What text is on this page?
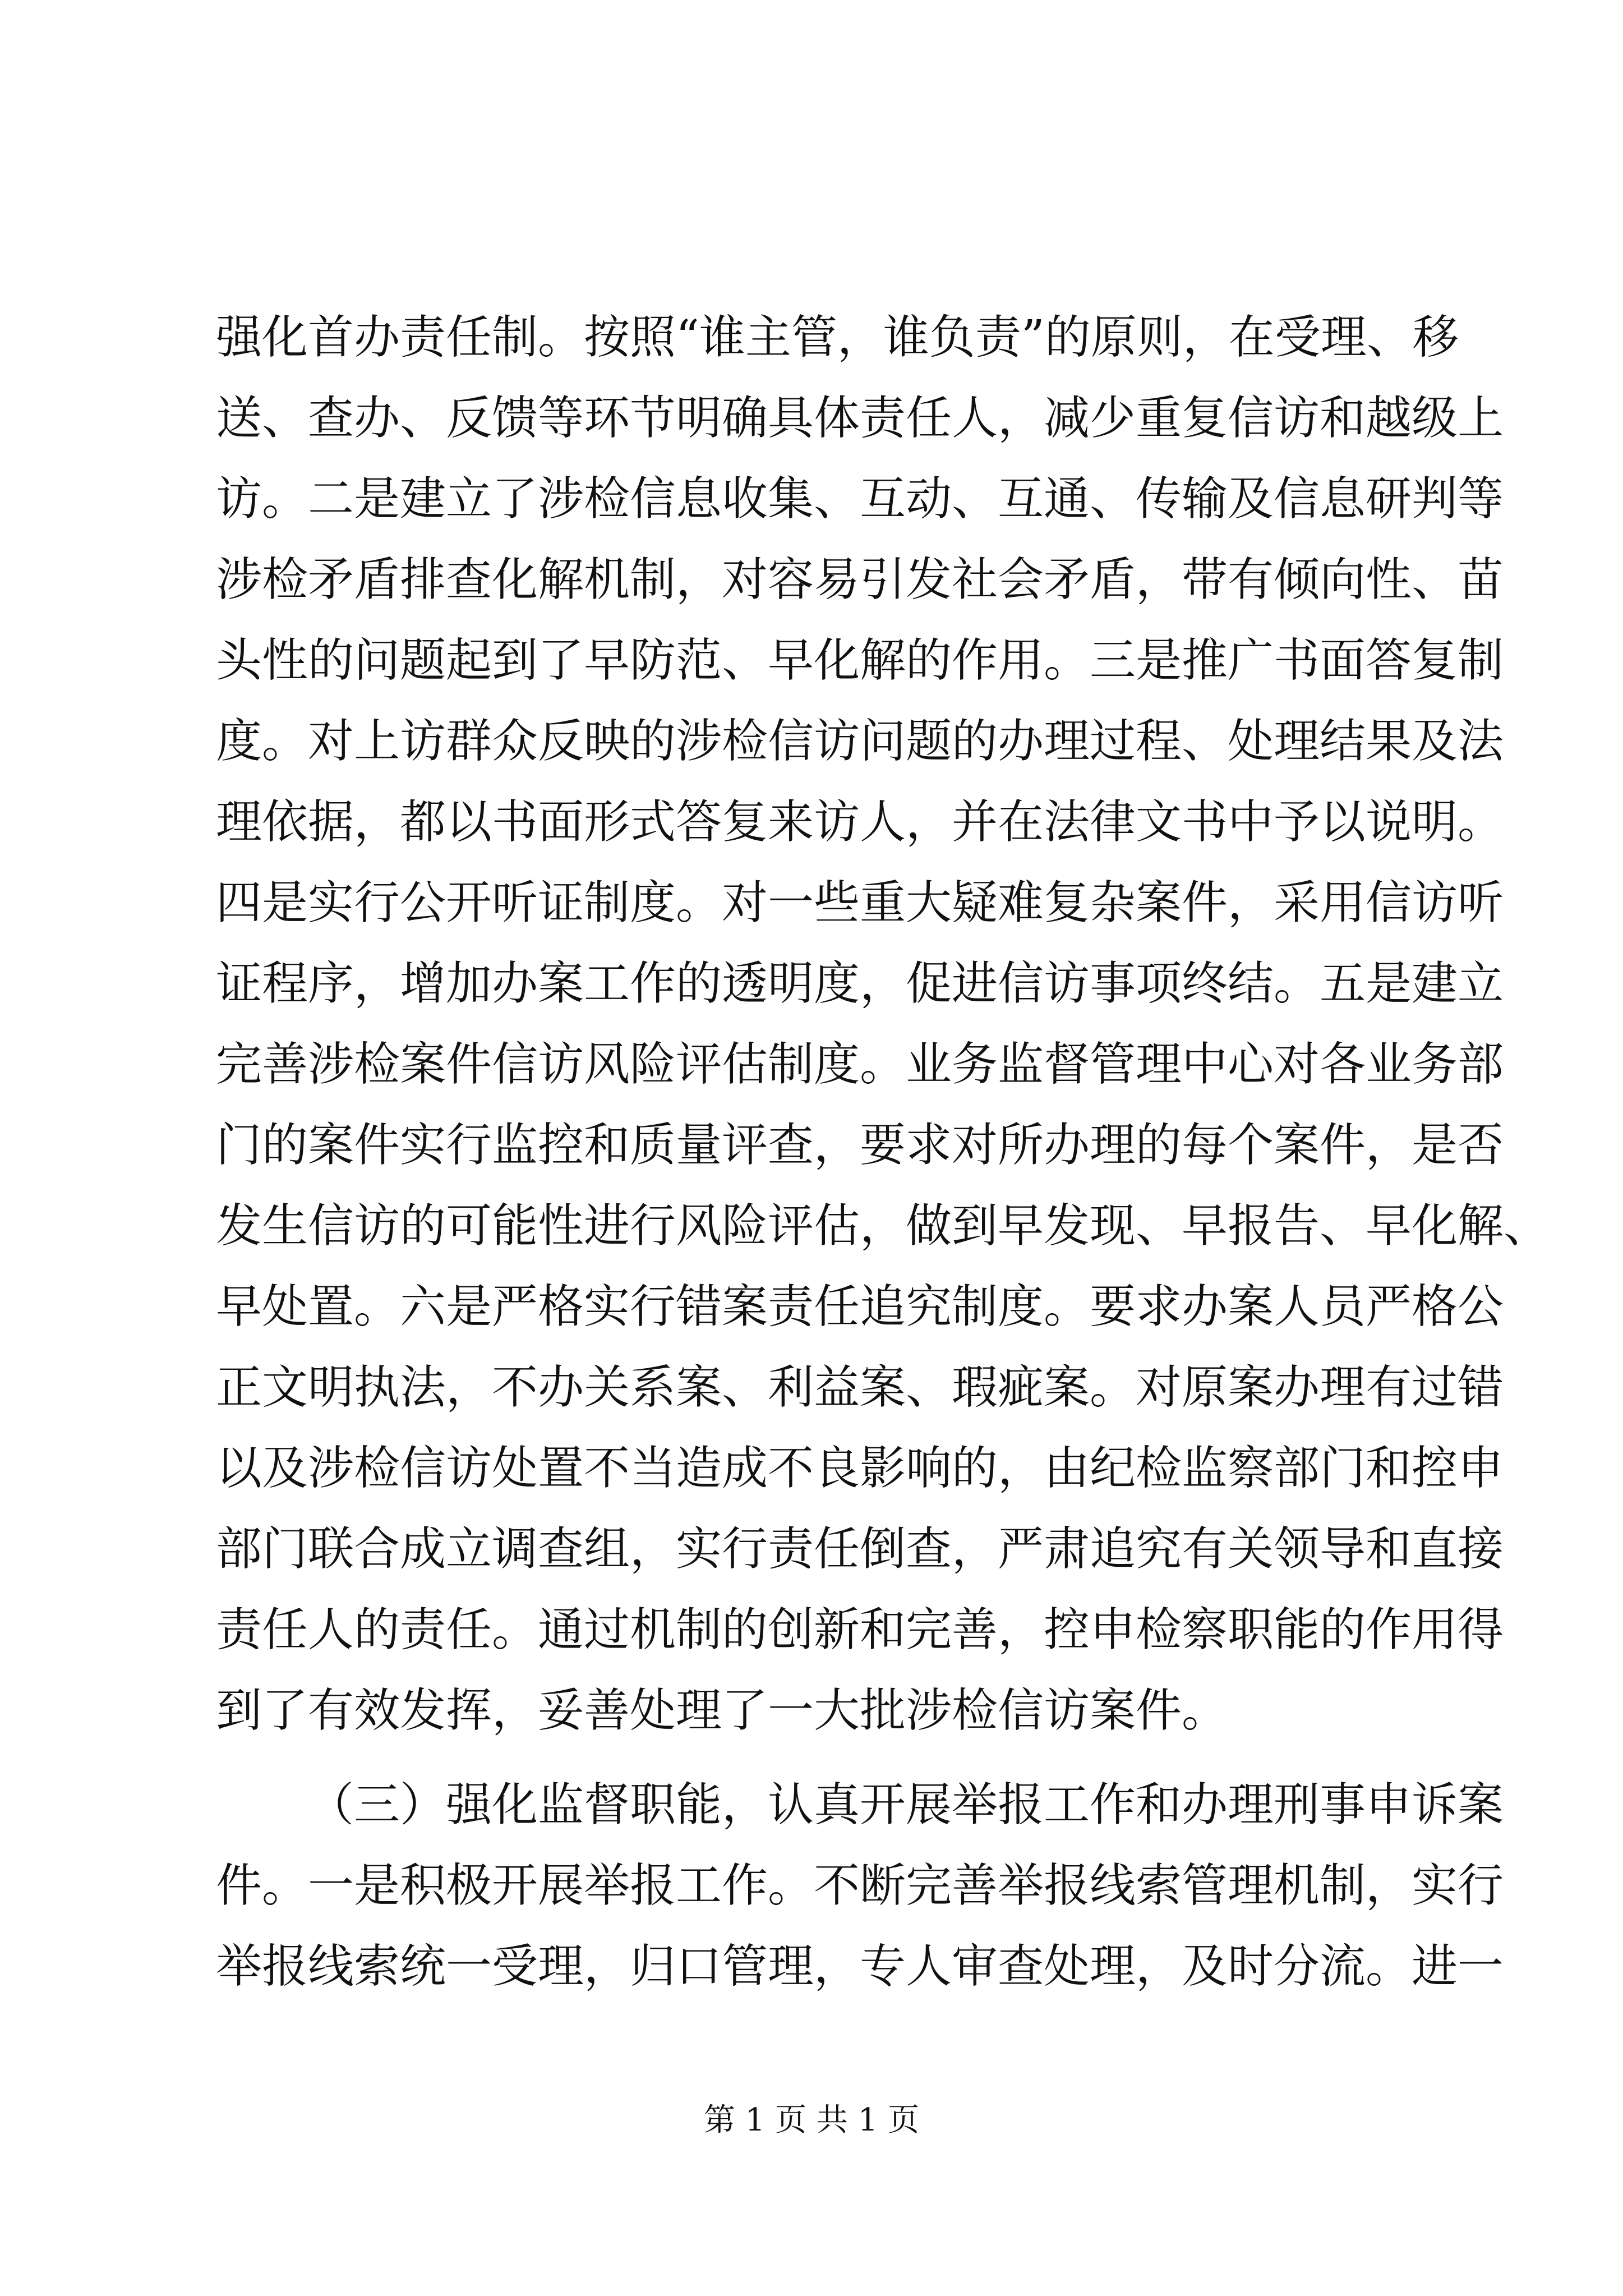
强化首办责任制。按照“谁主管，谁负责”的原则，在受理、移
送、查办、反馈等环节明确具体责任人，减少重复信访和越级上
访。二是建立了涉检信息收集、互动、互通、传输及信息研判等
涉检矛盾排查化解机制，对容易引发社会矛盾，带有倾向性、苗
头性的问题起到了早防范、早化解的作用。三是推广书面答复制
度。对上访群众反映的涉检信访问题的办理过程、处理结果及法
理依据，都以书面形式答复来访人，并在法律文书中予以说明。
四是实行公开听证制度。对一些重大疑难复杂案件，采用信访听
证程序，增加办案工作的透明度，促进信访事项终结。五是建立
完善涉检案件信访风险评估制度。业务监督管理中心对各业务部
门的案件实行监控和质量评查，要求对所办理的每个案件，是否
发生信访的可能性进行风险评估，做到早发现、早报告、早化解、
早处置。六是严格实行错案责任追究制度。要求办案人员严格公
正文明执法，不办关系案、利益案、瑕疵案。对原案办理有过错
以及涉检信访处置不当造成不良影响的，由纪检监察部门和控申
部门联合成立调查组，实行责任倒查，严肃追究有关领导和直接
责任人的责任。通过机制的创新和完善，控申检察职能的作用得
到了有效发挥，妥善处理了一大批涉检信访案件。
（三）强化监督职能，认真开展举报工作和办理刑事申诉案
件。一是积极开展举报工作。不断完善举报线索管理机制，实行
举报线索统一受理，归口管理，专人审查处理，及时分流。进一
第 1 页 共 1 页
